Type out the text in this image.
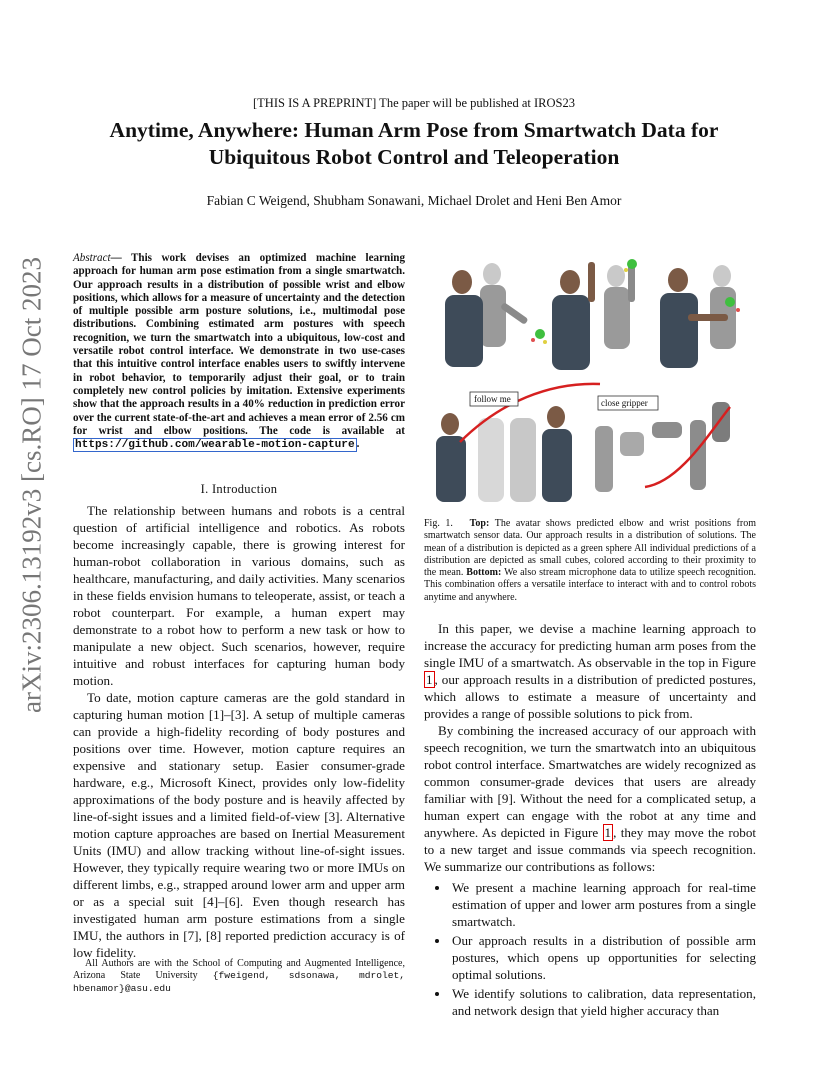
[THIS IS A PREPRINT] The paper will be published at IROS23
Anytime, Anywhere: Human Arm Pose from Smartwatch Data for Ubiquitous Robot Control and Teleoperation
Fabian C Weigend, Shubham Sonawani, Michael Drolet and Heni Ben Amor
arXiv:2306.13192v3 [cs.RO] 17 Oct 2023 Abstract— This work devises an optimized machine learning approach for human arm pose estimation from a single smartwatch. Our approach results in a distribution of possible wrist and elbow positions, which allows for a measure of uncertainty and the detection of multiple possible arm posture solutions, i.e., multimodal pose distributions. Combining estimated arm postures with speech recognition, we turn the smartwatch into a ubiquitous, low-cost and versatile robot control interface. We demonstrate in two use-cases that this intuitive control interface enables users to swiftly intervene in robot behavior, to temporarily adjust their goal, or to train completely new control policies by imitation. Extensive experiments show that the approach results in a 40% reduction in prediction error over the current state-of-the-art and achieves a mean error of 2.56 cm for wrist and elbow positions. The code is available at https://github.com/wearable-motion-capture .
I. Introduction

The relationship between humans and robots is a central question of artificial intelligence and robotics. As robots become increasingly capable, there is growing interest for human-robot collaboration in various domains, such as healthcare, manufacturing, and daily activities. Many scenarios in these fields envision humans to teleoperate, assist, or teach a robot counterpart. For example, a human expert may demonstrate to a robot how to perform a new task or how to manipulate a new object. Such scenarios, however, require intuitive and robust interfaces for capturing human body motion.

To date, motion capture cameras are the gold standard in capturing human motion [1]–[3]. A setup of multiple cameras can provide a high-fidelity recording of body postures and positions over time. However, motion capture requires an expensive and stationary setup. Easier consumer-grade hardware, e.g., Microsoft Kinect, provides only low-fidelity approximations of the body posture and is heavily affected by line-of-sight issues and a limited field-of-view [3]. Alternative motion capture approaches are based on Inertial Measurement Units (IMU) and allow tracking without line-of-sight issues. However, they typically require wearing two or more IMUs on different limbs, e.g., strapped around lower arm and upper arm or as a special suit [4]–[6]. Even though research has investigated human arm posture estimations from a single IMU, the authors in [7], [8] reported prediction accuracy is of low fidelity.

All Authors are with the School of Computing and Augmented Intelligence, Arizona State University {fweigend, sdsonawa, mdrolet, hbenamor}@asu.edu
follow me	close gripper
Fig. 1. Top: The avatar shows predicted elbow and wrist positions from smartwatch sensor data. Our approach results in a distribution of solutions. The mean of a distribution is depicted as a green sphere All individual predictions of a distribution are depicted as small cubes, colored according to their proximity to the mean. Bottom: We also stream microphone data to utilize speech recognition. This combination offers a versatile interface to interact with and to control robots anytime and anywhere.

In this paper, we devise a machine learning approach to increase the accuracy for predicting human arm poses from the single IMU of a smartwatch. As observable in the top in Figure 1 , our approach results in a distribution of predicted postures, which allows to estimate a measure of uncertainty and provides a range of possible solutions to pick from.

By combining the increased accuracy of our approach with speech recognition, we turn the smartwatch into an ubiquitous robot control interface. Smartwatches are widely recognized as common consumer-grade devices that users are already familiar with [9]. Without the need for a complicated setup, a human expert can engage with the robot at any time and anywhere. As depicted in Figure 1 , they may move the robot to a new target and issue commands via speech recognition. We summarize our contributions as follows:

• We present a machine learning approach for real-time estimation of upper and lower arm postures from a single smartwatch.
• Our approach results in a distribution of possible arm postures, which opens up opportunities for selecting optimal solutions.
• We identify solutions to calibration, data representation, and network design that yield higher accuracy than
